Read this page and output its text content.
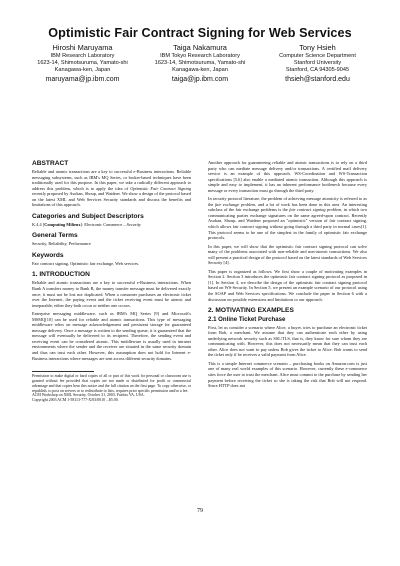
Optimistic Fair Contract Signing for Web Services
Hiroshi Maruyama
IBM Research Laboratory
1623-14, Shimotsuruma, Yamato-shi
Kanagawa-ken, Japan
maruyama@jp.ibm.com
Taiga Nakamura
IBM Tokyo Research Laboratory
1623-14, Shimotsuruma, Yamato-shi
Kanagawa-ken, Japan
taiga@jp.ibm.com
Tony Hsieh
Computer Science Department
Stanford University
Stanford, CA 94305-9045
thsieh@stanford.edu
ABSTRACT

Reliable and atomic transactions are a key to successful e-Business interactions. Reliable messaging subsystems, such as IBM's MQ Series, or broker-based techniques have been traditionally used for this purpose. In this paper, we take a radically different approach to address this problem, which is to apply the idea of Optimistic Fair Contract Signing recently proposed by Asokan, Shoup, and Waidner. We show a design of the protocol based on the latest XML and Web Services Security standards and discuss the benefits and limitations of this approach.

Categories and Subject Descriptors

K.4.4 [Computing Milieux]: Electronic Commerce – Security

General Terms

Security, Reliability, Performance

Keywords

Fair contract signing, Optimistic fair exchange, Web services.

1. INTRODUCTION

Reliable and atomic transactions are a key to successful e-Business interactions. When Bank A transfers money to Bank B, the money transfer message must be delivered exactly once; it must not be lost nor duplicated. When a consumer purchases an electronic ticket over the Internet, the paying event and the ticket receiving event must be atomic and inseparable; either they both occur or neither one occurs.

Enterprise messaging middleware, such as IBM's MQ Series [9] and Microsoft's MSMQ[10] can be used for reliable and atomic transactions. This type of messaging middleware relies on message acknowledgement and persistent storage for guaranteed message delivery. Once a message is written to the sending queue, it is guaranteed that the message will eventually be delivered to its recipient. Therefore, the sending event and receiving event can be considered atomic. This middleware is usually used in intranet environments where the sender and the receiver are situated in the same security domain and thus can trust each other. However, this assumption does not hold for Internet e-Business interactions where messages are sent across different security domains.

Permission to make digital or hard copies of all or part of this work for personal or classroom use is granted without fee provided that copies are not made or distributed for profit or commercial advantage and that copies bear this notice and the full citation on the first page. To copy otherwise, or republish, to post on servers or to redistribute to lists, requires prior specific permission and/or a fee.
ACM Workshop on XML Security, October 31, 2003, Fairfax VA, USA.
Copyright 2003 ACM 1-58113-777-X/03/0010 ...$5.00.

Another approach for guaranteeing reliable and atomic transactions is to rely on a third party who can mediate message delivery and/or transactions. A certified mail delivery service is an example of this approach. WS-Coordination and WS-Transaction specifications [5,6] also enable a mediated atomic transaction. Although this approach is simple and easy to implement, it has an inherent performance bottleneck because every message or every transaction must go through the third party.

In security protocol literature, the problem of achieving message atomicity is referred to as the fair exchange problem, and a lot of work has been done in this area. An interesting subclass of the fair exchange problems is the fair contract signing problem, in which two communicating parties exchange signatures on the same agreed-upon contract. Recently Asokan, Shoup, and Waidner proposed an "optimistic" version of fair contract signing, which allows fair contract signing without going through a third party in normal cases[1]. This protocol seems to be one of the simplest in the family of optimistic fair exchange protocols.

In this paper, we will show that the optimistic fair contract signing protocol can solve many of the problems associated with non-reliable and non-atomic transactions. We also will present a practical design of the protocol based on the latest standards of Web Services Security [4].

This paper is organized as follows. We first show a couple of motivating examples in Section 2. Section 3 introduces the optimistic fair contract signing protocol as proposed in [1]. In Section 4, we describe the design of the optimistic fair contract signing protocol based on WS-Security. In Section 5, we present an example scenario of our protocol using the SOAP and Web Services specifications. We conclude the paper in Section 6 with a discussion on possible extensions and limitations to our approach.

2. MOTIVATING EXAMPLES
2.1 Online Ticket Purchase

First, let us consider a scenario where Alice, a buyer, tries to purchase an electronic ticket from Bob, a merchant. We assume that they can authenticate each other by using underlying network security such as SSL/TLS, that is, they know for sure whom they are communicating with. However, this does not necessarily mean that they can trust each other. Alice does not want to pay unless Bob gives the ticket to Alice. Bob wants to send the ticket only if he receives a valid payment from Alice.

This is a simple Internet commerce scenario – purchasing books on Amazon.com is just one of many real world examples of this scenario. However, currently these e-commerce sites force the user to trust the merchant. Alice must commit to the purchase by sending her payment before receiving the ticket so she is taking the risk that Bob will not respond. Since HTTP does not

79
